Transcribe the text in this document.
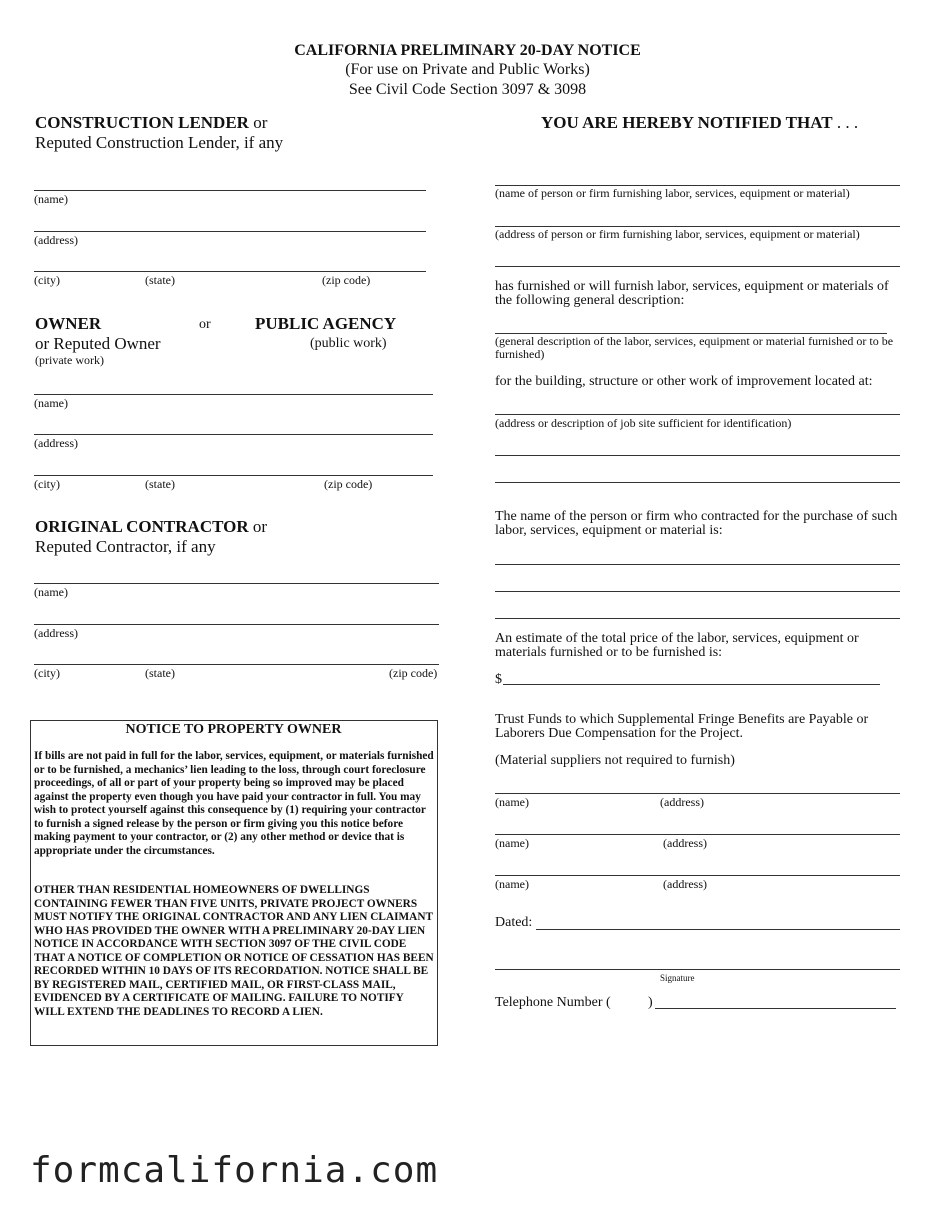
CALIFORNIA PRELIMINARY 20-DAY NOTICE
(For use on Private and Public Works)
See Civil Code Section 3097 & 3098
CONSTRUCTION LENDER or
Reputed Construction Lender, if any
(name)
(address)
(city)	(state)	(zip code)
OWNER	or	PUBLIC AGENCY
or Reputed Owner	(public work)
(private work)
(name)
(address)
(city)	(state)	(zip code)
ORIGINAL CONTRACTOR or
Reputed Contractor, if any
(name)
(address)
(city)	(state)	(zip code)
NOTICE TO PROPERTY OWNER
If bills are not paid in full for the labor, services, equipment, or materials furnished or to be furnished, a mechanics’ lien leading to the loss, through court foreclosure proceedings, of all or part of your property being so improved may be placed against the property even though you have paid your contractor in full. You may wish to protect yourself against this consequence by (1) requiring your contractor to furnish a signed release by the person or firm giving you this notice before making payment to your contractor, or (2) any other method or device that is appropriate under the circumstances.
OTHER THAN RESIDENTIAL HOMEOWNERS OF DWELLINGS CONTAINING FEWER THAN FIVE UNITS, PRIVATE PROJECT OWNERS MUST NOTIFY THE ORIGINAL CONTRACTOR AND ANY LIEN CLAIMANT WHO HAS PROVIDED THE OWNER WITH A PRELIMINARY 20-DAY LIEN NOTICE IN ACCORDANCE WITH SECTION 3097 OF THE CIVIL CODE THAT A NOTICE OF COMPLETION OR NOTICE OF CESSATION HAS BEEN RECORDED WITHIN 10 DAYS OF ITS RECORDATION. NOTICE SHALL BE BY REGISTERED MAIL, CERTIFIED MAIL, OR FIRST-CLASS MAIL, EVIDENCED BY A CERTIFICATE OF MAILING. FAILURE TO NOTIFY WILL EXTEND THE DEADLINES TO RECORD A LIEN.
YOU ARE HEREBY NOTIFIED THAT . . .
(name of person or firm furnishing labor, services, equipment or material)
(address of person or firm furnishing labor, services, equipment or material)
has furnished or will furnish labor, services, equipment or materials of the following general description:
(general description of the labor, services, equipment or material furnished or to be furnished)
for the building, structure or other work of improvement located at:
(address or description of job site sufficient for identification)
The name of the person or firm who contracted for the purchase of such labor, services, equipment or material is:
An estimate of the total price of the labor, services, equipment or materials furnished or to be furnished is:
$
Trust Funds to which Supplemental Fringe Benefits are Payable or Laborers Due Compensation for the Project.
(Material suppliers not required to furnish)
(name)	(address)
(name)	(address)
(name)	(address)
Dated:
Signature
Telephone Number (	)
formcalifornia.com
